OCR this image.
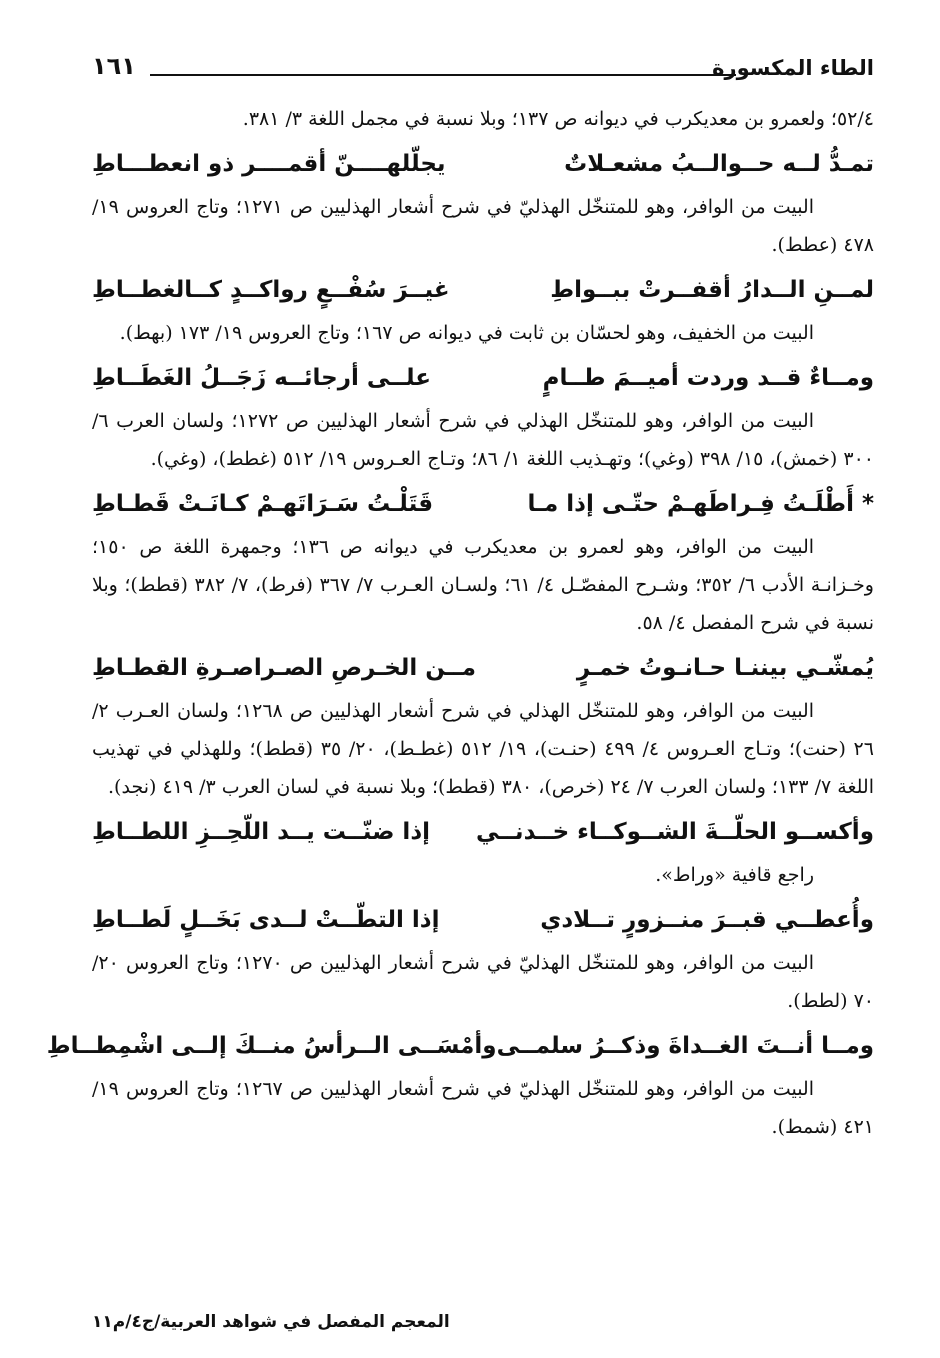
الطاء المكسورة
١٦١

٥٢/٤؛ ولعمرو بن معديكرب في ديوانه ص ١٣٧؛ وبلا نسبة في مجمل اللغة ٣/ ٣٨١.

تمـدُّ لــه حــوالــبُ مشعـلاتٌ
يجلّلهــــنّ أقمــــر ذو انعطـــاطِ

البيت من الوافر، وهو للمتنخّل الهذليّ في شرح أشعار الهذليين ص ١٢٧١؛ وتاج العروس ١٩/ ٤٧٨ (عطط).

لمــنِ الــدارُ أقفــرتْ ببــواطِ
غيــرَ سُفْــعٍ رواكــدٍ كــالغطــاطِ

البيت من الخفيف، وهو لحسّان بن ثابت في ديوانه ص ١٦٧؛ وتاج العروس ١٩/ ١٧٣ (بهط).

ومــاءٌ قــد وردت أميــمَ طــامٍ
علــى أرجائــه زَجَــلُ الغَطَــاطِ

البيت من الوافر، وهو للمتنخّل الهذلي في شرح أشعار الهذليين ص ١٢٧٢؛ ولسان العرب ٦/ ٣٠٠ (خمش)، ١٥/ ٣٩٨ (وغي)؛ وتهـذيب اللغة ١/ ٨٦؛ وتـاج العـروس ١٩/ ٥١٢ (غطط)، (وغي).

* أَطْلَـتُ فِـراطَهـمْ حتّـى إذا مـا
قَتَلْـتُ سَـرَاتَهـمْ كـانَـتْ قَطـاطِ

البيت من الوافر، وهو لعمرو بن معديكرب في ديوانه ص ١٣٦؛ وجمهرة اللغة ص ١٥٠؛ وخـزانـة الأدب ٦/ ٣٥٢؛ وشـرح المفصّـل ٤/ ٦١؛ ولسـان العـرب ٧/ ٣٦٧ (فرط)، ٧/ ٣٨٢ (قطط)؛ وبلا نسبة في شرح المفصل ٤/ ٥٨.

يُمشّـي بيننـا حـانـوتُ خمـرٍ
مــن الخـرصِ الصـراصـرةِ القطـاطِ

البيت من الوافر، وهو للمتنخّل الهذلي في شرح أشعار الهذليين ص ١٢٦٨؛ ولسان العـرب ٢/ ٢٦ (حنت)؛ وتـاج العـروس ٤/ ٤٩٩ (حنـت)، ١٩/ ٥١٢ (غطـط)، ٢٠/ ٣٥ (قطط)؛ وللهذلي في تهذيب اللغة ٧/ ١٣٣؛ ولسان العرب ٧/ ٢٤ (خرص)، ٣٨٠ (قطط)؛ وبلا نسبة في لسان العرب ٣/ ٤١٩ (نجد).

وأكســو الحلّــةَ الشــوكــاء خــدنــي
إذا ضنّــت يــد اللّحِــزِ اللطــاطِ

راجع قافية «وراط».

وأُعطــي قبــرَ منــزورٍ تــلادي
إذا التطّــتْ لــدى بَخَــلٍ لَطــاطِ

البيت من الوافر، وهو للمتنخّل الهذليّ في شرح أشعار الهذليين ص ١٢٧٠؛ وتاج العروس ٢٠/ ٧٠ (لطط).

ومــا أنــتَ الغــداةَ وذكــرُ سلمــى
وأمْسَــى الــرأسُ منــكَ إلــى اشْمِطــاطِ

البيت من الوافر، وهو للمتنخّل الهذليّ في شرح أشعار الهذليين ص ١٢٦٧؛ وتاج العروس ١٩/ ٤٢١ (شمط).

المعجم المفصل في شواهد العربية/ج٤/م١١
